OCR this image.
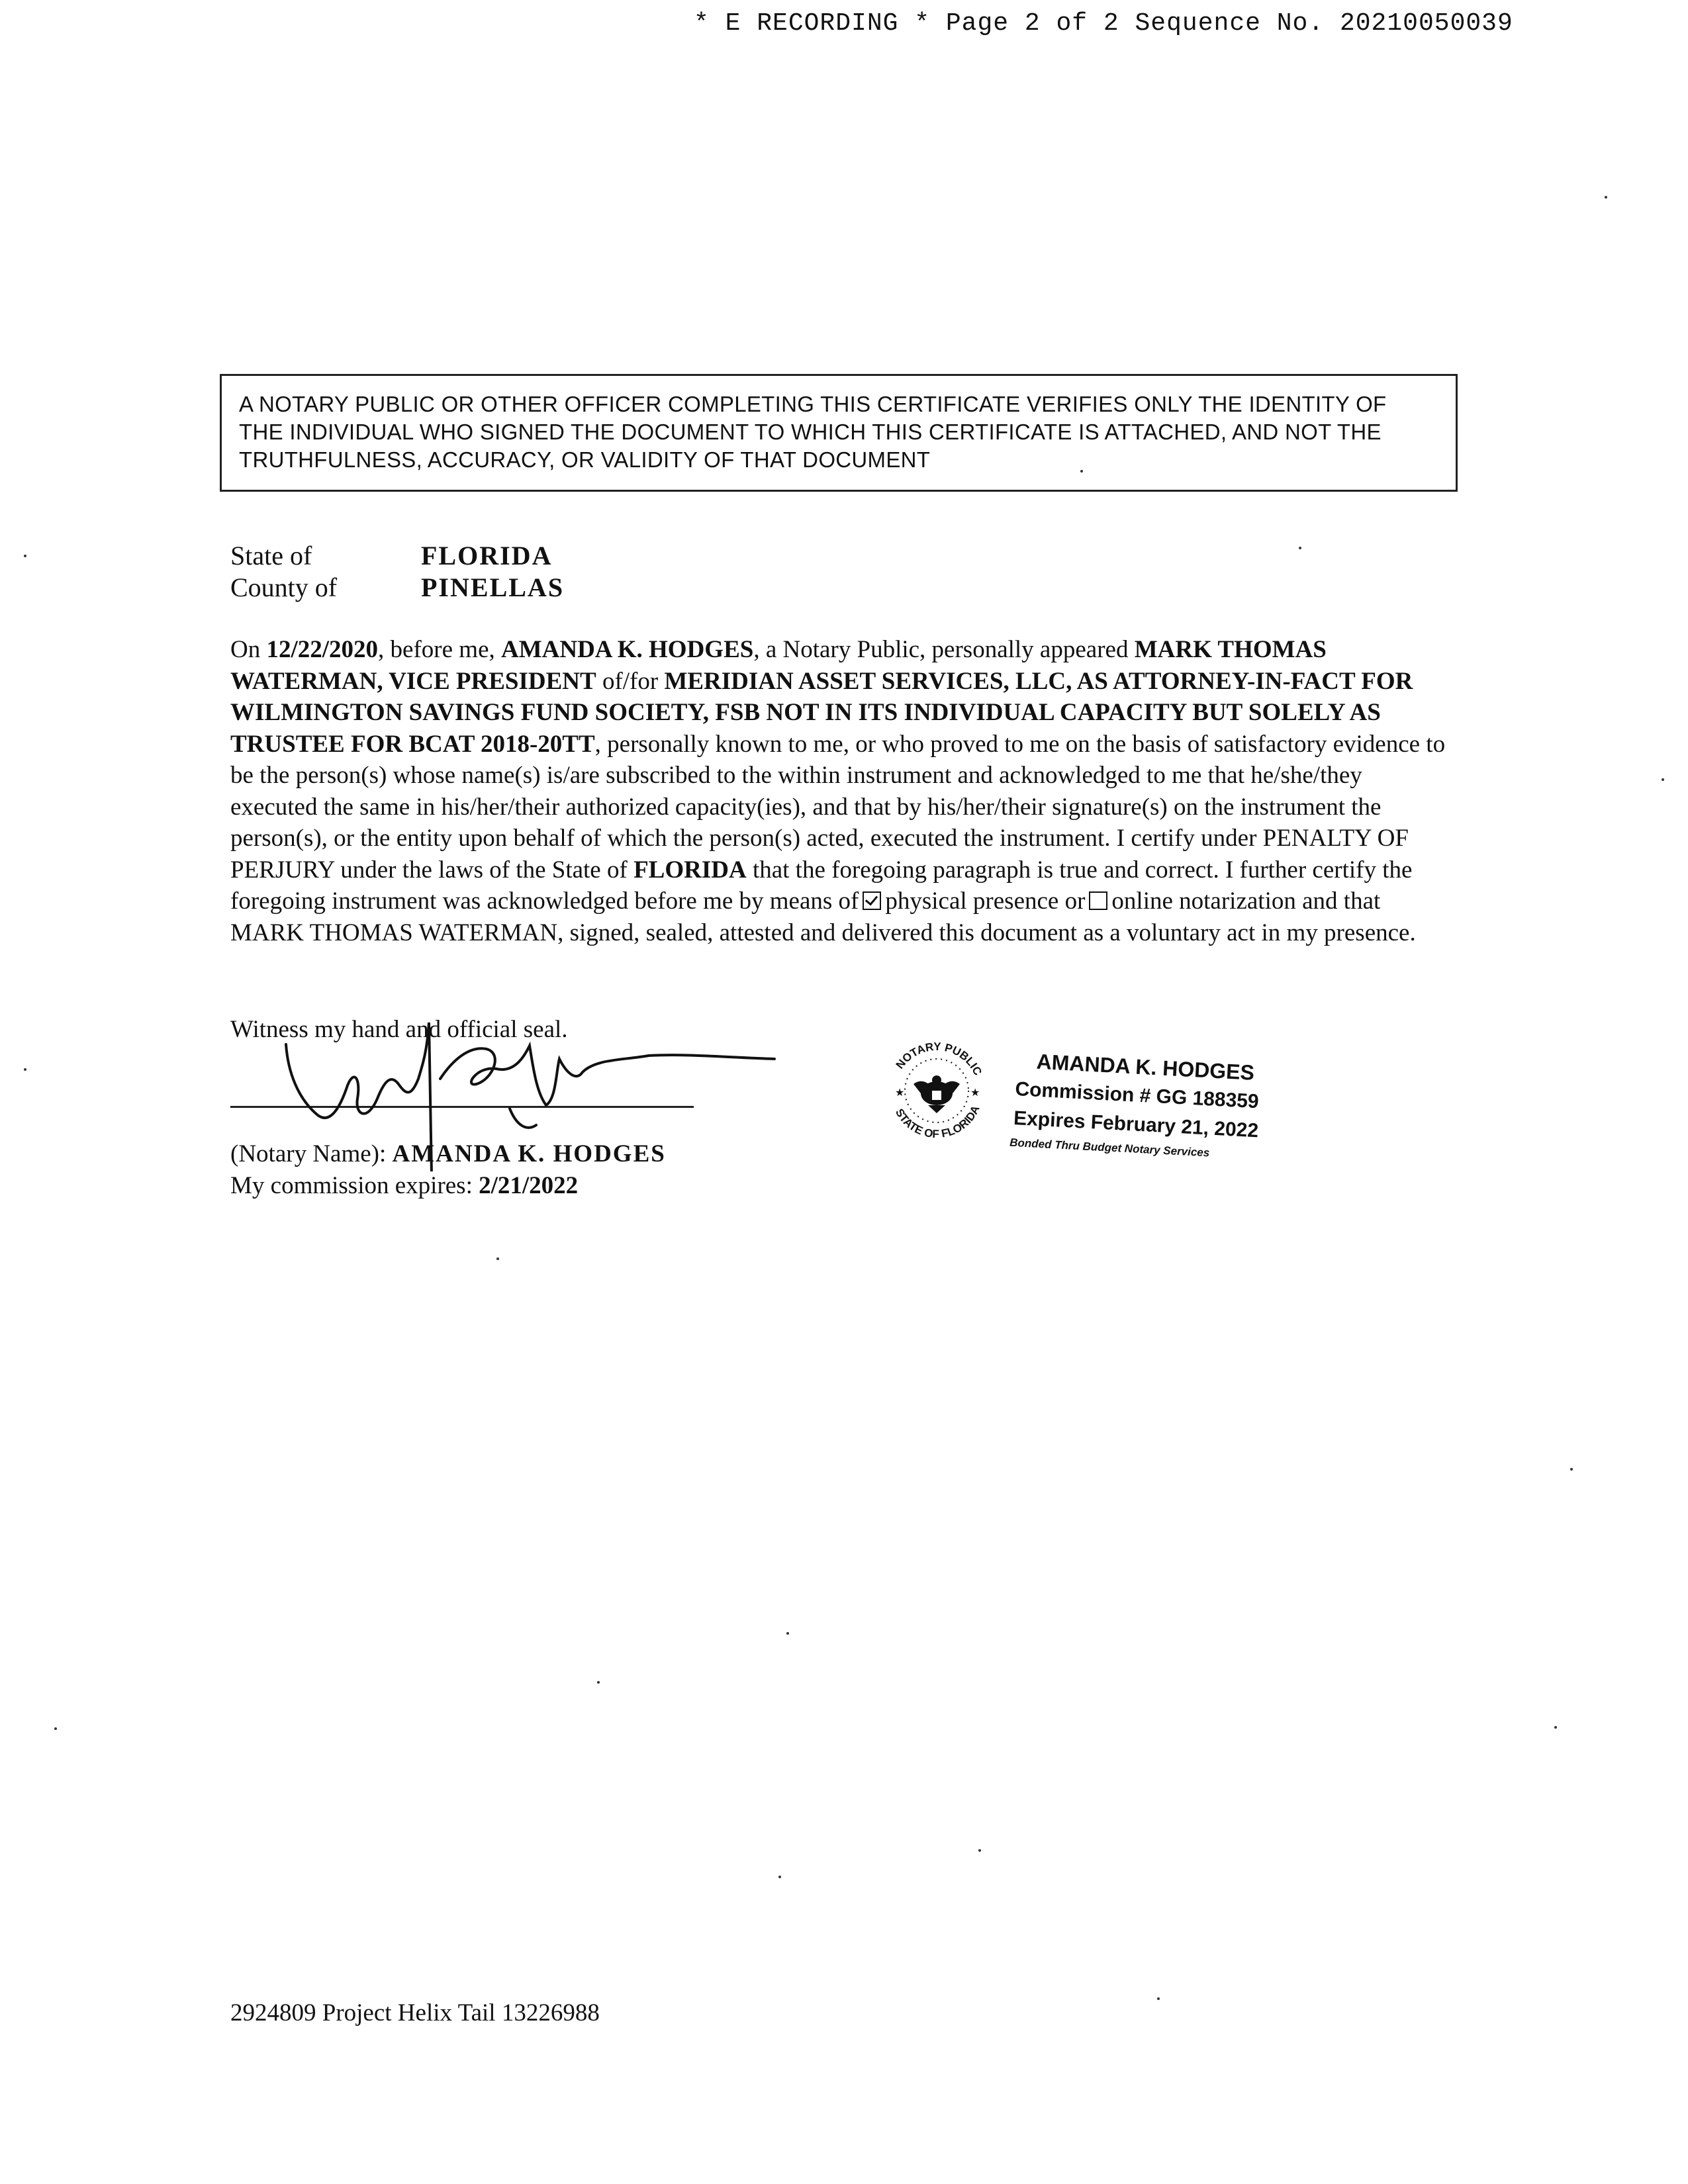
* E RECORDING * Page 2 of 2 Sequence No. 20210050039
A NOTARY PUBLIC OR OTHER OFFICER COMPLETING THIS CERTIFICATE VERIFIES ONLY THE IDENTITY OF
THE INDIVIDUAL WHO SIGNED THE DOCUMENT TO WHICH THIS CERTIFICATE IS ATTACHED, AND NOT THE
TRUTHFULNESS, ACCURACY, OR VALIDITY OF THAT DOCUMENT
State of	FLORIDA
County of	PINELLAS
On 12/22/2020, before me, AMANDA K. HODGES, a Notary Public, personally appeared MARK THOMAS WATERMAN, VICE PRESIDENT of/for MERIDIAN ASSET SERVICES, LLC, AS ATTORNEY-IN-FACT FOR WILMINGTON SAVINGS FUND SOCIETY, FSB NOT IN ITS INDIVIDUAL CAPACITY BUT SOLELY AS TRUSTEE FOR BCAT 2018-20TT, personally known to me, or who proved to me on the basis of satisfactory evidence to be the person(s) whose name(s) is/are subscribed to the within instrument and acknowledged to me that he/she/they executed the same in his/her/their authorized capacity(ies), and that by his/her/their signature(s) on the instrument the person(s), or the entity upon behalf of which the person(s) acted, executed the instrument. I certify under PENALTY OF PERJURY under the laws of the State of FLORIDA that the foregoing paragraph is true and correct. I further certify the foregoing instrument was acknowledged before me by means of physical presence or online notarization and that MARK THOMAS WATERMAN, signed, sealed, attested and delivered this document as a voluntary act in my presence.
Witness my hand and official seal.
(Notary Name): AMANDA K. HODGES
My commission expires: 2/21/2022
NOTARY PUBLIC
STATE OF FLORIDA
★	★
AMANDA K. HODGES
Commission # GG 188359
Expires February 21, 2022
Bonded Thru Budget Notary Services
2924809 Project Helix Tail 13226988
